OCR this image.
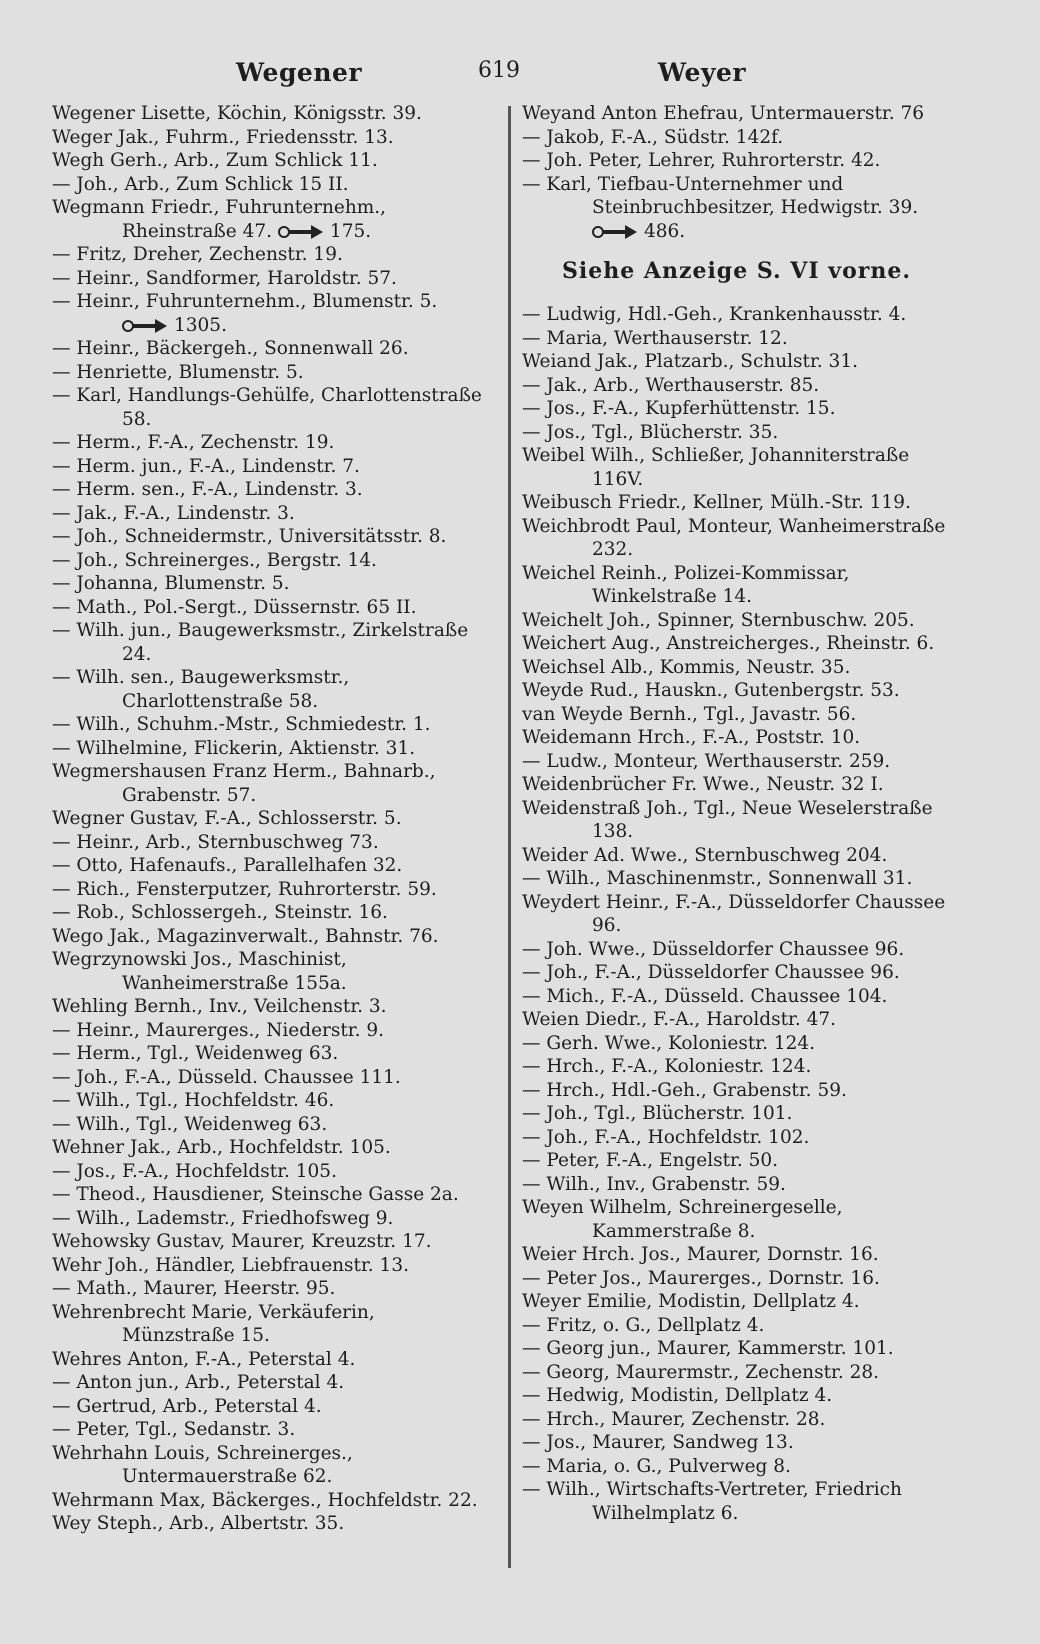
Wegener	619	Weyer

Wegener Lisette, Köchin, Königsstr. 39.

Weger Jak., Fuhrm., Friedensstr. 13.

Wegh Gerh., Arb., Zum Schlick 11.

— Joh., Arb., Zum Schlick 15 II.

Wegmann Friedr., Fuhrunternehm., Rheinstraße 47.	175.

— Fritz, Dreher, Zechenstr. 19.

— Heinr., Sandformer, Haroldstr. 57.

— Heinr., Fuhrunternehm., Blumenstr. 5.
1305.

— Heinr., Bäckergeh., Sonnenwall 26.

— Henriette, Blumenstr. 5.

— Karl, Handlungs-Gehülfe, Charlottenstraße 58.

— Herm., F.-A., Zechenstr. 19.

— Herm. jun., F.-A., Lindenstr. 7.

— Herm. sen., F.-A., Lindenstr. 3.

— Jak., F.-A., Lindenstr. 3.

— Joh., Schneidermstr., Universitätsstr. 8.

— Joh., Schreinerges., Bergstr. 14.

— Johanna, Blumenstr. 5.

— Math., Pol.-Sergt., Düssernstr. 65 II.

— Wilh. jun., Baugewerksmstr., Zirkelstraße 24.

— Wilh. sen., Baugewerksmstr., Charlottenstraße 58.

— Wilh., Schuhm.-Mstr., Schmiedestr. 1.

— Wilhelmine, Flickerin, Aktienstr. 31.

Wegmershausen Franz Herm., Bahnarb., Grabenstr. 57.

Wegner Gustav, F.-A., Schlosserstr. 5.

— Heinr., Arb., Sternbuschweg 73.

— Otto, Hafenaufs., Parallelhafen 32.

— Rich., Fensterputzer, Ruhrorterstr. 59.

— Rob., Schlossergeh., Steinstr. 16.

Wego Jak., Magazinverwalt., Bahnstr. 76.

Wegrzynowski Jos., Maschinist, Wanheimerstraße 155a.

Wehling Bernh., Inv., Veilchenstr. 3.

— Heinr., Maurerges., Niederstr. 9.

— Herm., Tgl., Weidenweg 63.

— Joh., F.-A., Düsseld. Chaussee 111.

— Wilh., Tgl., Hochfeldstr. 46.

— Wilh., Tgl., Weidenweg 63.

Wehner Jak., Arb., Hochfeldstr. 105.

— Jos., F.-A., Hochfeldstr. 105.

— Theod., Hausdiener, Steinsche Gasse 2a.

— Wilh., Lademstr., Friedhofsweg 9.

Wehowsky Gustav, Maurer, Kreuzstr. 17.

Wehr Joh., Händler, Liebfrauenstr. 13.

— Math., Maurer, Heerstr. 95.

Wehrenbrecht Marie, Verkäuferin, Münzstraße 15.

Wehres Anton, F.-A., Peterstal 4.

— Anton jun., Arb., Peterstal 4.

— Gertrud, Arb., Peterstal 4.

— Peter, Tgl., Sedanstr. 3.

Wehrhahn Louis, Schreinerges., Untermauerstraße 62.

Wehrmann Max, Bäckerges., Hochfeldstr. 22.

Wey Steph., Arb., Albertstr. 35.

Weyand Anton Ehefrau, Untermauerstr. 76

— Jakob, F.-A., Südstr. 142f.

— Joh. Peter, Lehrer, Ruhrorterstr. 42.

— Karl, Tiefbau-Unternehmer und Steinbruchbesitzer, Hedwigstr. 39.
486.

Siehe Anzeige S. VI vorne.

— Ludwig, Hdl.-Geh., Krankenhausstr. 4.

— Maria, Werthauserstr. 12.

Weiand Jak., Platzarb., Schulstr. 31.

— Jak., Arb., Werthauserstr. 85.

— Jos., F.-A., Kupferhüttenstr. 15.

— Jos., Tgl., Blücherstr. 35.

Weibel Wilh., Schließer, Johanniterstraße 116V.

Weibusch Friedr., Kellner, Mülh.-Str. 119.

Weichbrodt Paul, Monteur, Wanheimerstraße 232.

Weichel Reinh., Polizei-Kommissar, Winkelstraße 14.

Weichelt Joh., Spinner, Sternbuschw. 205.

Weichert Aug., Anstreicherges., Rheinstr. 6.

Weichsel Alb., Kommis, Neustr. 35.

Weyde Rud., Hauskn., Gutenbergstr. 53.

van Weyde Bernh., Tgl., Javastr. 56.

Weidemann Hrch., F.-A., Poststr. 10.

— Ludw., Monteur, Werthauserstr. 259.

Weidenbrücher Fr. Wwe., Neustr. 32 I.

Weidenstraß Joh., Tgl., Neue Weselerstraße 138.

Weider Ad. Wwe., Sternbuschweg 204.

— Wilh., Maschinenmstr., Sonnenwall 31.

Weydert Heinr., F.-A., Düsseldorfer Chaussee 96.

— Joh. Wwe., Düsseldorfer Chaussee 96.

— Joh., F.-A., Düsseldorfer Chaussee 96.

— Mich., F.-A., Düsseld. Chaussee 104.

Weien Diedr., F.-A., Haroldstr. 47.

— Gerh. Wwe., Koloniestr. 124.

— Hrch., F.-A., Koloniestr. 124.

— Hrch., Hdl.-Geh., Grabenstr. 59.

— Joh., Tgl., Blücherstr. 101.

— Joh., F.-A., Hochfeldstr. 102.

— Peter, F.-A., Engelstr. 50.

— Wilh., Inv., Grabenstr. 59.

Weyen Wilhelm, Schreinergeselle, Kammerstraße 8.

Weier Hrch. Jos., Maurer, Dornstr. 16.

— Peter Jos., Maurerges., Dornstr. 16.

Weyer Emilie, Modistin, Dellplatz 4.

— Fritz, o. G., Dellplatz 4.

— Georg jun., Maurer, Kammerstr. 101.

— Georg, Maurermstr., Zechenstr. 28.

— Hedwig, Modistin, Dellplatz 4.

— Hrch., Maurer, Zechenstr. 28.

— Jos., Maurer, Sandweg 13.

— Maria, o. G., Pulverweg 8.

— Wilh., Wirtschafts-Vertreter, Friedrich Wilhelmplatz 6.
